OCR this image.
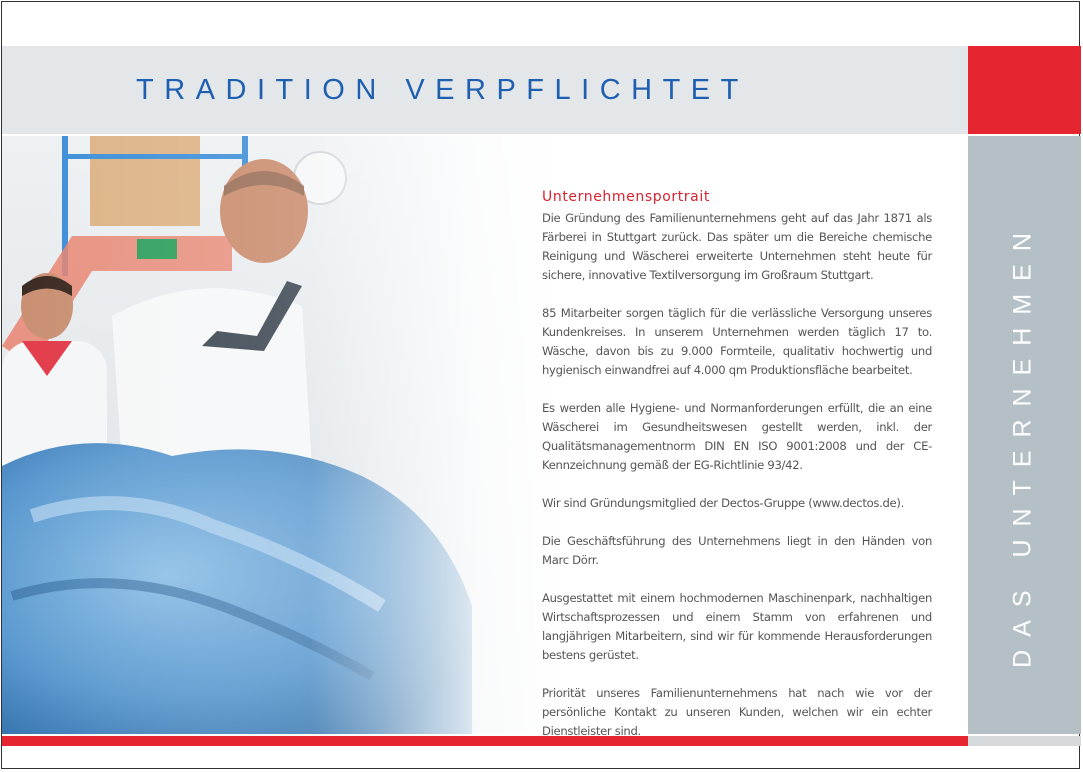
TRADITION VERPFLICHTET
DAS UNTERNEHMEN
Unternehmensportrait

Die Gründung des Familienunternehmens geht auf das Jahr 1871 als Färberei in Stuttgart zurück. Das später um die Bereiche chemische Reinigung und Wäscherei erweiterte Unternehmen steht heute für sichere, innovative Textilversorgung im Großraum Stuttgart.

85 Mitarbeiter sorgen täglich für die verlässliche Versorgung unseres Kundenkreises. In unserem Unternehmen werden täglich 17 to. Wäsche, davon bis zu 9.000 Formteile, qualitativ hochwertig und hygienisch einwandfrei auf 4.000 qm Produktionsfläche bearbeitet.

Es werden alle Hygiene- und Normanforderungen erfüllt, die an eine Wäscherei im Gesundheitswesen gestellt werden, inkl. der Qualitätsmanagementnorm DIN EN ISO 9001:2008 und der CE-Kennzeichnung gemäß der EG-Richtlinie 93/42.

Wir sind Gründungsmitglied der Dectos-Gruppe (www.dectos.de).

Die Geschäftsführung des Unternehmens liegt in den Händen von Marc Dörr.

Ausgestattet mit einem hochmodernen Maschinenpark, nachhaltigen Wirtschaftsprozessen und einem Stamm von erfahrenen und langjährigen Mitarbeitern, sind wir für kommende Herausforderungen bestens gerüstet.

Priorität unseres Familienunternehmens hat nach wie vor der persönliche Kontakt zu unseren Kunden, welchen wir ein echter Dienstleister sind.
